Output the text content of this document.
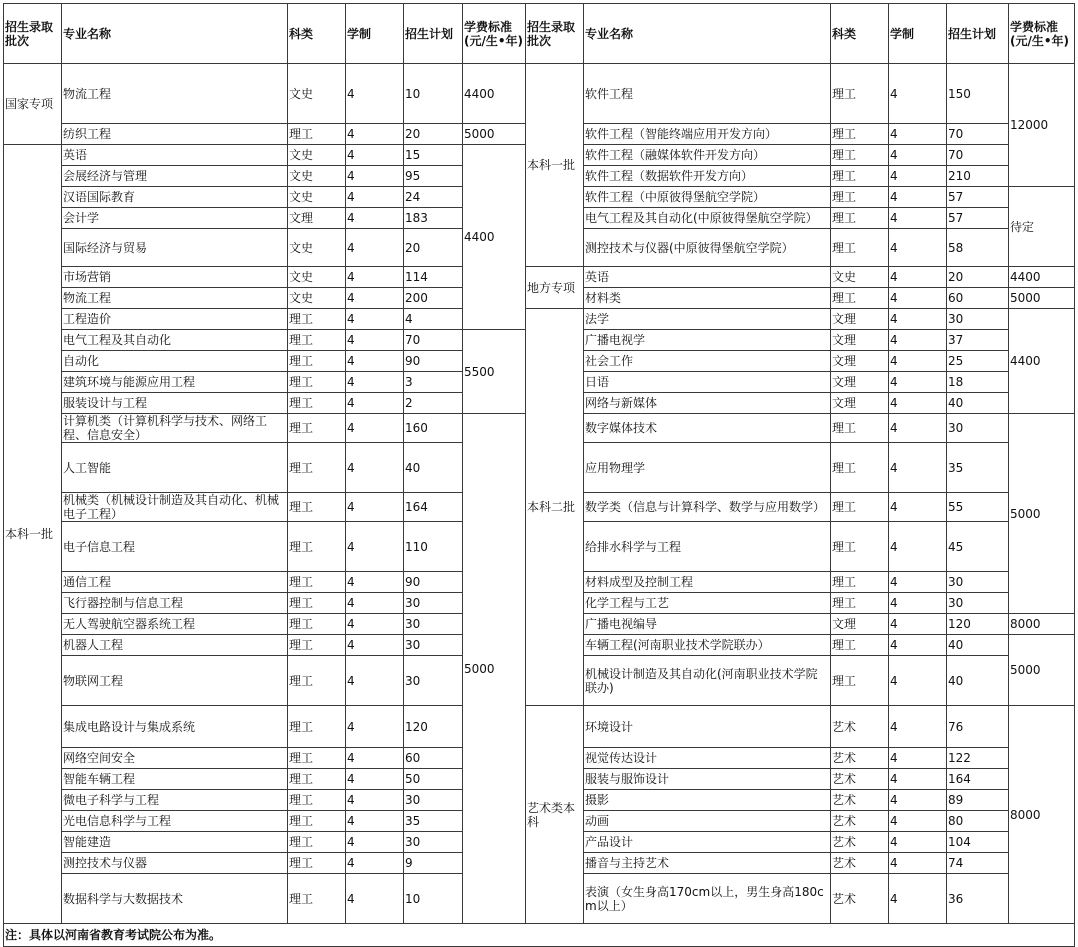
招生录取批次	专业名称	科类	学制	招生计划	学费标准(元/生•年)	招生录取批次	专业名称	科类	学制	招生计划	学费标准(元/生•年)
国家专项	物流工程	文史	4	10	4400	本科一批	软件工程	理工	4	150	12000
	纺织工程	理工	4	20	5000		软件工程（智能终端应用开发方向）	理工	4	70	
本科一批	英语	文史	4	15	4400		软件工程（融媒体软件开发方向）	理工	4	70	
	会展经济与管理	文史	4	95			软件工程（数据软件开发方向）	理工	4	210	
	汉语国际教育	文史	4	24			软件工程（中原彼得堡航空学院）	理工	4	57	待定
	会计学	文理	4	183			电气工程及其自动化(中原彼得堡航空学院）	理工	4	57	
	国际经济与贸易	文史	4	20			测控技术与仪器(中原彼得堡航空学院）	理工	4	58	
	市场营销	文史	4	114		地方专项	英语	文史	4	20	4400
	物流工程	文史	4	200			材料类	理工	4	60	5000
	工程造价	理工	4	4		本科二批	法学	文理	4	30	4400
	电气工程及其自动化	理工	4	70	5500		广播电视学	文理	4	37	
	自动化	理工	4	90			社会工作	文理	4	25	
	建筑环境与能源应用工程	理工	4	3			日语	文理	4	18	
	服装设计与工程	理工	4	2			网络与新媒体	文理	4	40	
	计算机类（计算机科学与技术、网络工程、信息安全）	理工	4	160	5000		数字媒体技术	理工	4	30	5000
	人工智能	理工	4	40			应用物理学	理工	4	35	
	机械类（机械设计制造及其自动化、机械电子工程）	理工	4	164			数学类（信息与计算科学、数学与应用数学）	理工	4	55	
	电子信息工程	理工	4	110			给排水科学与工程	理工	4	45	
	通信工程	理工	4	90			材料成型及控制工程	理工	4	30	
	飞行器控制与信息工程	理工	4	30			化学工程与工艺	理工	4	30	
	无人驾驶航空器系统工程	理工	4	30			广播电视编导	文理	4	120	8000
	机器人工程	理工	4	30			车辆工程(河南职业技术学院联办）	理工	4	40	5000
	物联网工程	理工	4	30			机械设计制造及其自动化(河南职业技术学院联办)	理工	4	40	
	集成电路设计与集成系统	理工	4	120		艺术类本科	环境设计	艺术	4	76	8000
	网络空间安全	理工	4	60			视觉传达设计	艺术	4	122	
	智能车辆工程	理工	4	50			服装与服饰设计	艺术	4	164	
	微电子科学与工程	理工	4	30			摄影	艺术	4	89	
	光电信息科学与工程	理工	4	35			动画	艺术	4	80	
	智能建造	理工	4	30			产品设计	艺术	4	104	
	测控技术与仪器	理工	4	9			播音与主持艺术	艺术	4	74	
	数据科学与大数据技术	理工	4	10			表演（女生身高170cm以上，男生身高180cm以上）	艺术	4	36	
注：具体以河南省教育考试院公布为准。											
